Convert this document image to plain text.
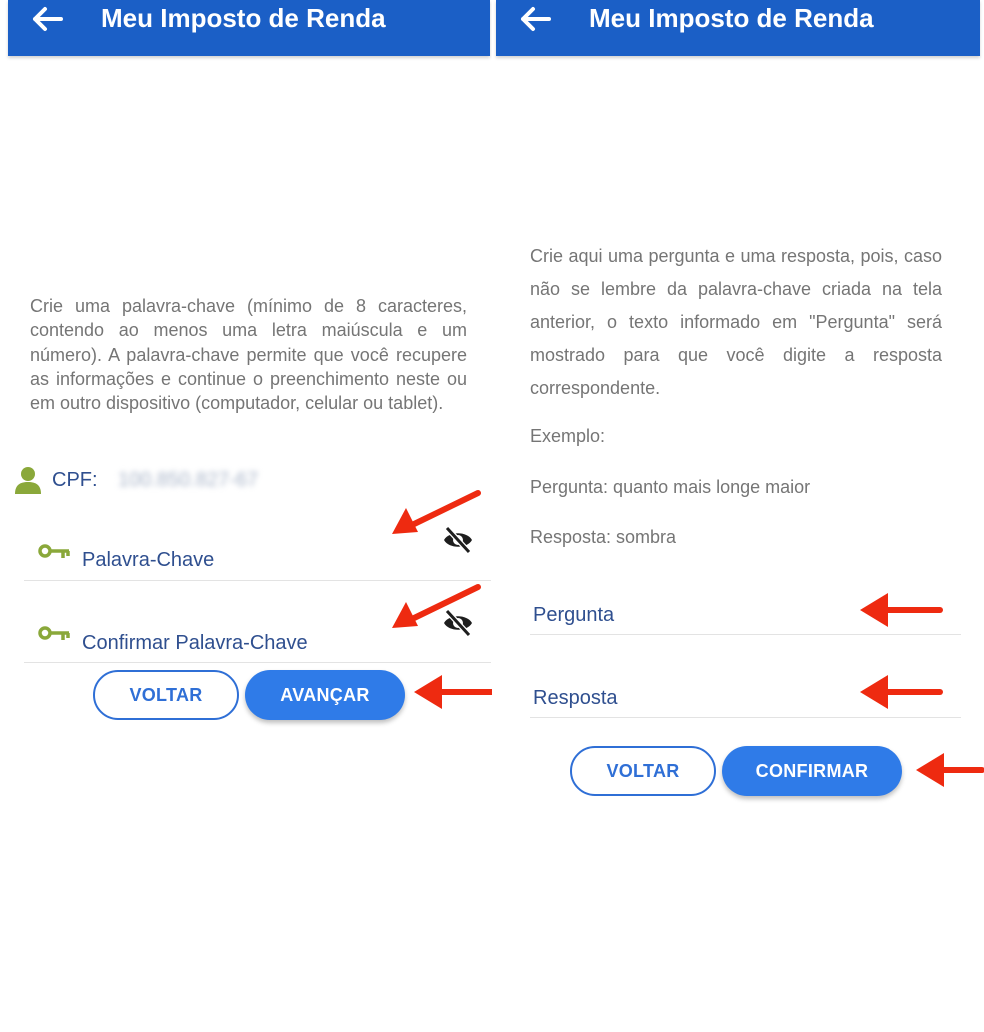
Meu Imposto de Renda

Crie uma palavra-chave (mínimo de 8 caracteres, contendo ao menos uma letra maiúscula e um número). A palavra-chave permite que você recupere as informações e continue o preenchimento neste ou em outro dispositivo (computador, celular ou tablet).

CPF: 100.850.827-67
Palavra-Chave
Confirmar Palavra-Chave
VOLTAR	AVANÇAR
Meu Imposto de Renda

Crie aqui uma pergunta e uma resposta, pois, caso não se lembre da palavra-chave criada na tela anterior, o texto informado em "Pergunta" será mostrado para que você digite a resposta correspondente.

Exemplo:
Pergunta: quanto mais longe maior
Resposta: sombra
Pergunta
Resposta
VOLTAR	CONFIRMAR
